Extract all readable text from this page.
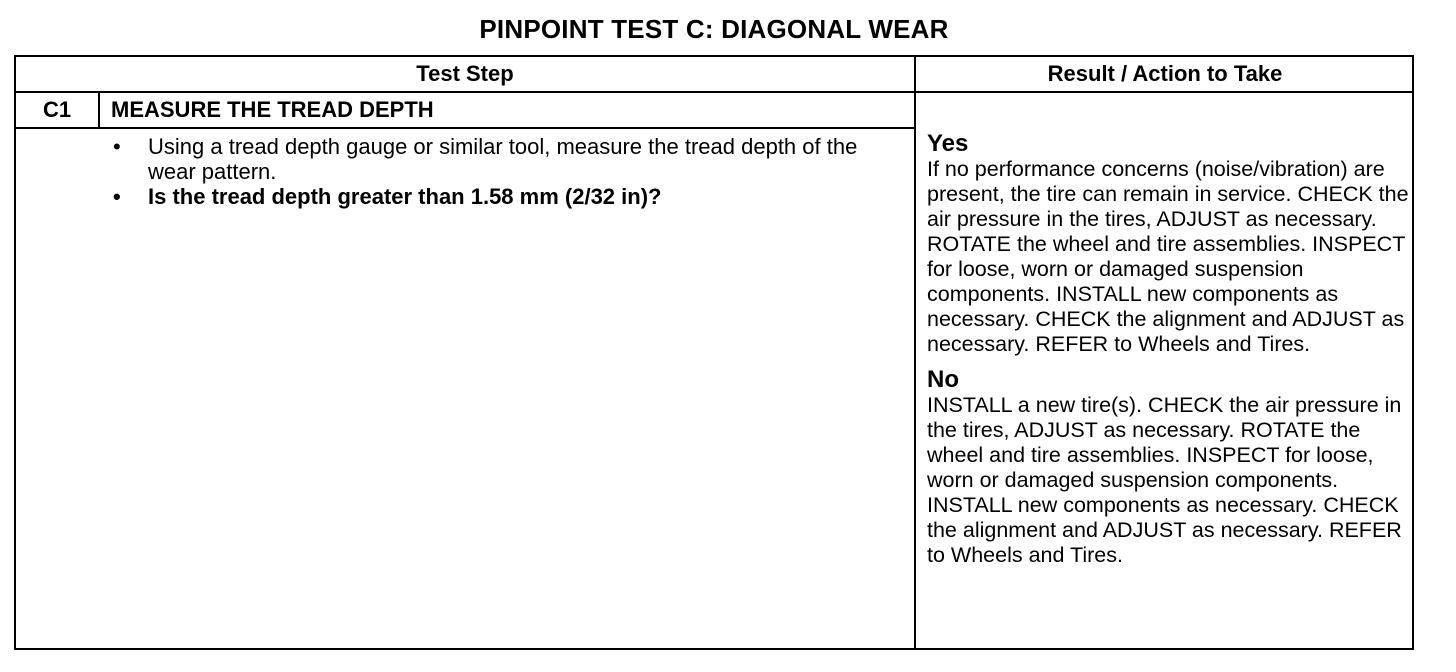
PINPOINT TEST C: DIAGONAL WEAR
Test Step	Result / Action to Take
C1	MEASURE THE TREAD DEPTH
• Using a tread depth gauge or similar tool, measure the tread depth of the wear pattern.
• Is the tread depth greater than 1.58 mm (2/32 in)?
Yes

If no performance concerns (noise/vibration) are present, the tire can remain in service. CHECK the air pressure in the tires, ADJUST as necessary. ROTATE the wheel and tire assemblies. INSPECT for loose, worn or damaged suspension components. INSTALL new components as necessary. CHECK the alignment and ADJUST as necessary. REFER to Wheels and Tires.

No

INSTALL a new tire(s). CHECK the air pressure in the tires, ADJUST as necessary. ROTATE the wheel and tire assemblies. INSPECT for loose, worn or damaged suspension components. INSTALL new components as necessary. CHECK the alignment and ADJUST as necessary. REFER to Wheels and Tires.
